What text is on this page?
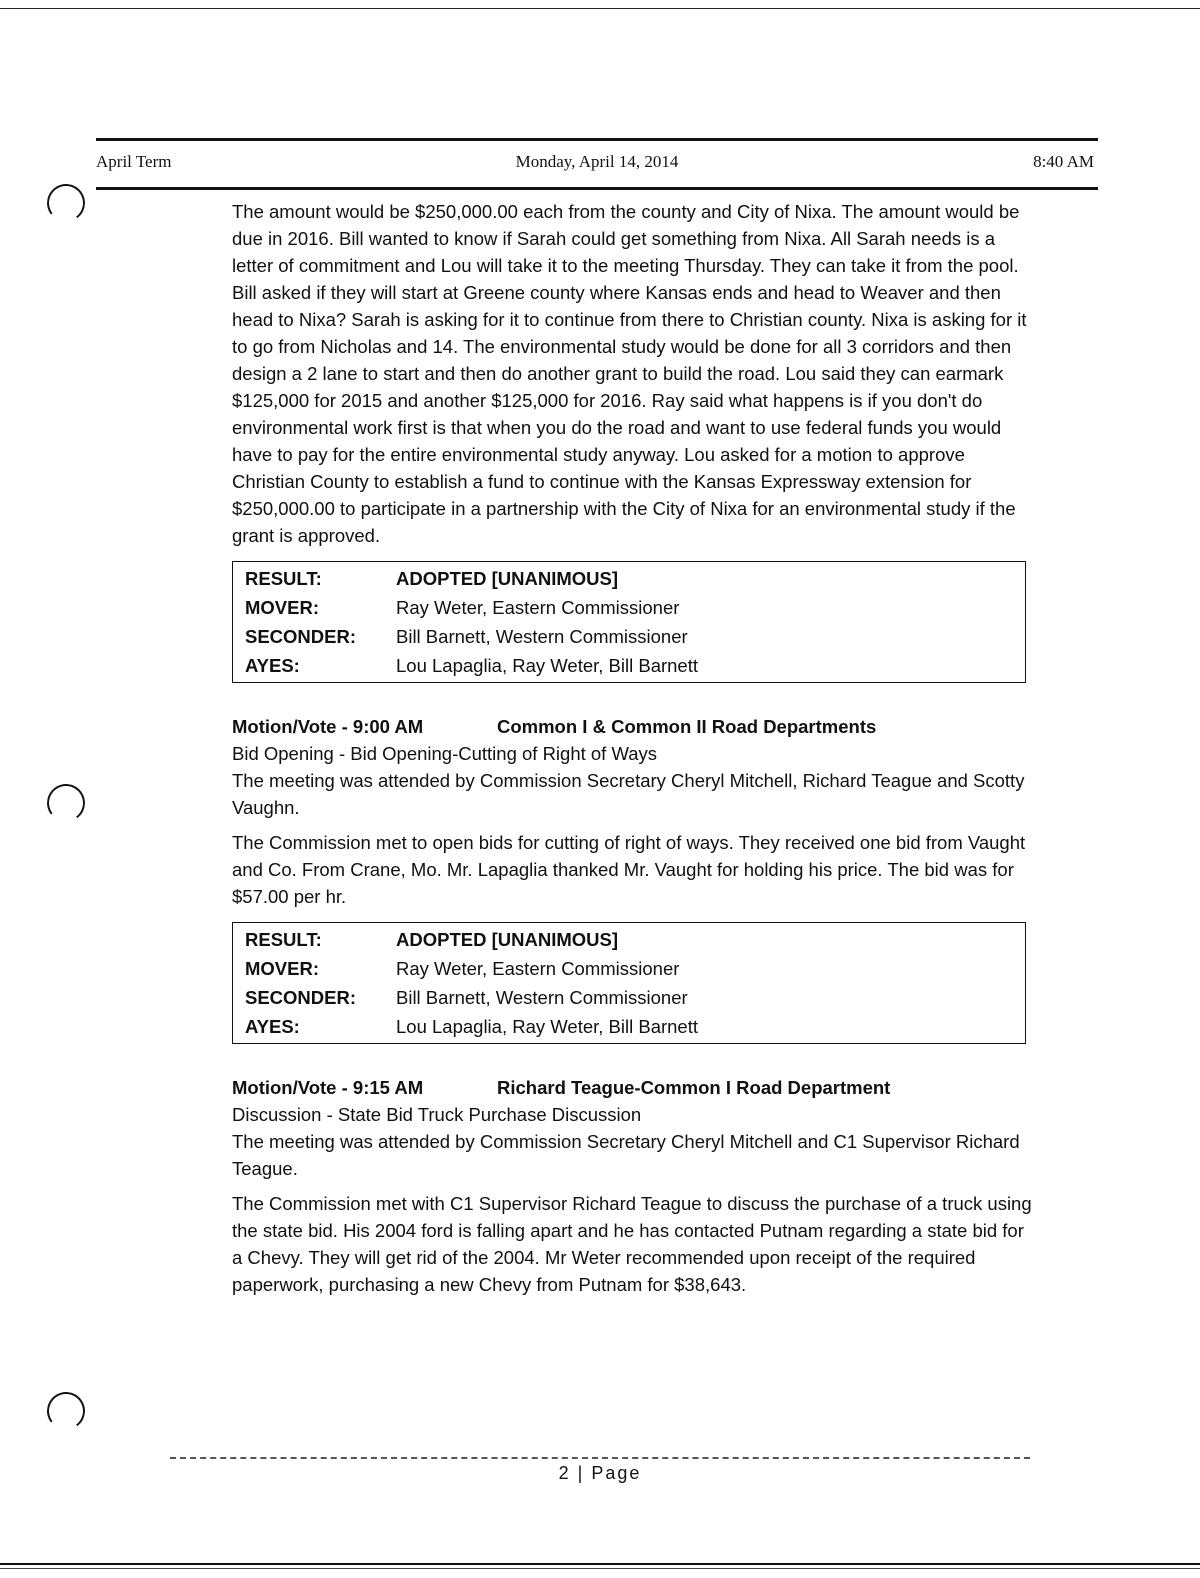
April Term	Monday, April 14, 2014	8:40 AM

The amount would be $250,000.00 each from the county and City of Nixa. The amount would be due in 2016. Bill wanted to know if Sarah could get something from Nixa. All Sarah needs is a letter of commitment and Lou will take it to the meeting Thursday. They can take it from the pool. Bill asked if they will start at Greene county where Kansas ends and head to Weaver and then head to Nixa? Sarah is asking for it to continue from there to Christian county. Nixa is asking for it to go from Nicholas and 14. The environmental study would be done for all 3 corridors and then design a 2 lane to start and then do another grant to build the road. Lou said they can earmark $125,000 for 2015 and another $125,000 for 2016. Ray said what happens is if you don't do environmental work first is that when you do the road and want to use federal funds you would have to pay for the entire environmental study anyway. Lou asked for a motion to approve Christian County to establish a fund to continue with the Kansas Expressway extension for $250,000.00 to participate in a partnership with the City of Nixa for an environmental study if the grant is approved.

RESULT:	ADOPTED [UNANIMOUS]
MOVER:	Ray Weter, Eastern Commissioner
SECONDER:	Bill Barnett, Western Commissioner
AYES:	Lou Lapaglia, Ray Weter, Bill Barnett
Motion/Vote - 9:00 AM	Common I & Common II Road Departments

Bid Opening - Bid Opening-Cutting of Right of Ways

The meeting was attended by Commission Secretary Cheryl Mitchell, Richard Teague and Scotty Vaughn.

The Commission met to open bids for cutting of right of ways. They received one bid from Vaught and Co. From Crane, Mo. Mr. Lapaglia thanked Mr. Vaught for holding his price. The bid was for $57.00 per hr.

RESULT:	ADOPTED [UNANIMOUS]
MOVER:	Ray Weter, Eastern Commissioner
SECONDER:	Bill Barnett, Western Commissioner
AYES:	Lou Lapaglia, Ray Weter, Bill Barnett
Motion/Vote - 9:15 AM	Richard Teague-Common I Road Department

Discussion - State Bid Truck Purchase Discussion

The meeting was attended by Commission Secretary Cheryl Mitchell and C1 Supervisor Richard Teague.

The Commission met with C1 Supervisor Richard Teague to discuss the purchase of a truck using the state bid. His 2004 ford is falling apart and he has contacted Putnam regarding a state bid for a Chevy. They will get rid of the 2004. Mr Weter recommended upon receipt of the required paperwork, purchasing a new Chevy from Putnam for $38,643.

2 | Page
